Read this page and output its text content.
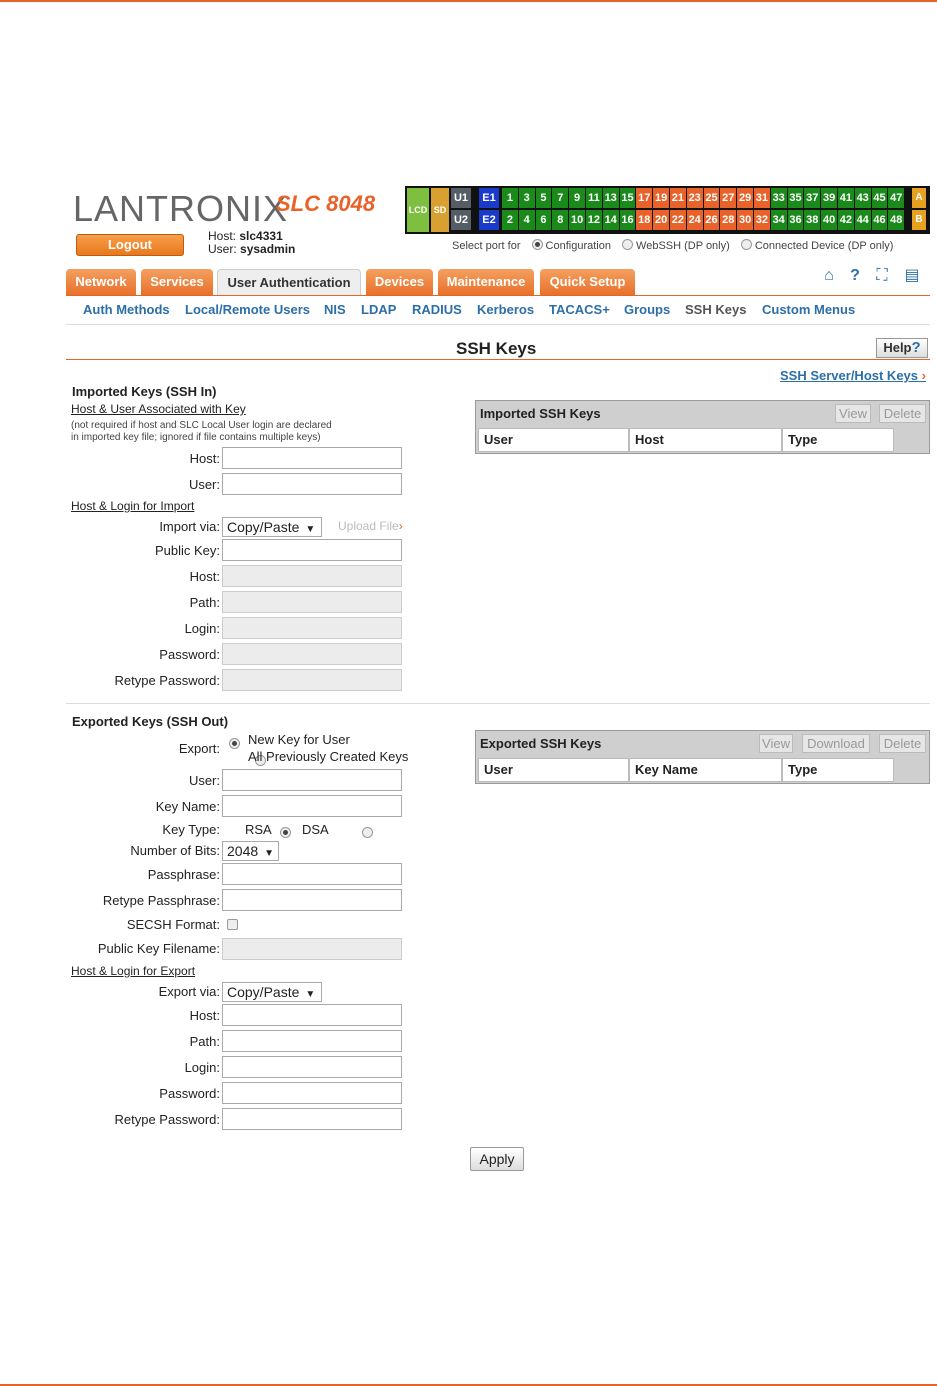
LANTRONIX
SLC 8048
Logout
Host: slc4331
User: sysadmin
LCD SD
U1
U2
E1
E2
1 3 5 7 9 11 13 15 17 19 21 23 25 27 29 31 33 35 37 39 41 43 45 47
2 4 6 8 10 12 14 16 18 20 22 24 26 28 30 32 34 36 38 40 42 44 46 48
A
B
Select port for Configuration WebSSH (DP only) Connected Device (DP only)
Network	Services	User Authentication	Devices	Maintenance	Quick Setup	⌂	?	⛶ ▤
Auth Methods Local/Remote Users NIS LDAP RADIUS Kerberos TACACS+ Groups SSH Keys Custom Menus
SSH Keys	Help?
SSH Server/Host Keys ›
Imported Keys (SSH In)
Host & User Associated with Key
(not required if host and SLC Local User login are declared
in imported key file; ignored if file contains multiple keys)
Host:
User:
Host & Login for Import
Import via: Copy/Paste ▼	Upload File›
Public Key:
Host:
Path:
Login:
Password:
Retype Password:
Imported SSH Keys	View	Delete
User	Host	Type
Exported Keys (SSH Out)
Export:

New Key for User

All Previously Created Keys
User:
Key Name:
Key Type:
RSA DSA
Number of Bits: 2048 ▼
Passphrase:
Retype Passphrase:
SECSH Format:
Public Key Filename:
Host & Login for Export
Export via: Copy/Paste ▼
Host:
Path:
Login:
Password:
Retype Password:
Exported SSH Keys	View	Download	Delete
User	Key Name	Type
Apply
